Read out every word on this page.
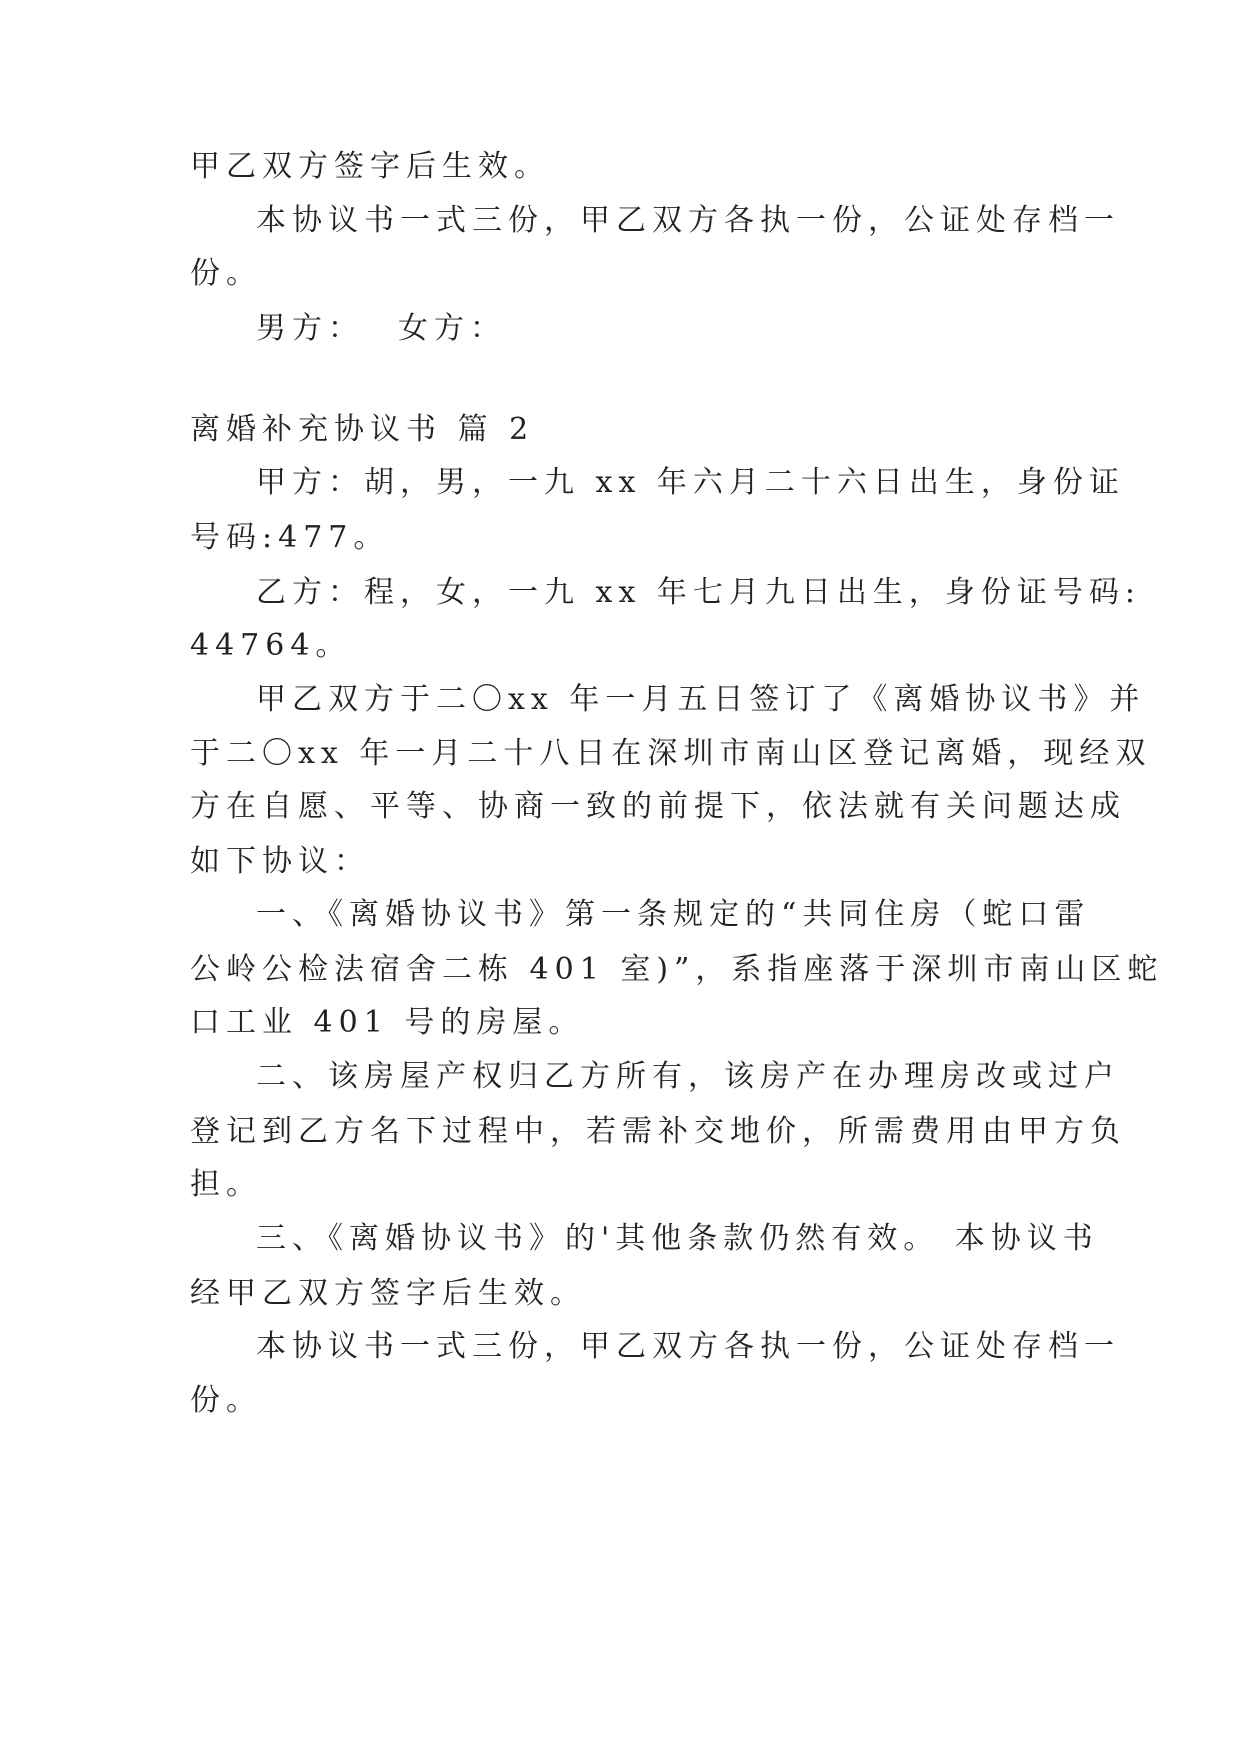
甲乙双方签字后生效。
本协议书一式三份，甲乙双方各执一份，公证处存档一
份。
男方： 女方：
离婚补充协议书 篇 2
甲方：胡，男，一九 xx 年六月二十六日出生，身份证
号码:477。
乙方：程，女，一九 xx 年七月九日出生，身份证号码:
44764。
甲乙双方于二〇xx 年一月五日签订了《离婚协议书》并
于二〇xx 年一月二十八日在深圳市南山区登记离婚，现经双
方在自愿、平等、协商一致的前提下，依法就有关问题达成
如下协议：
一、《离婚协议书》第一条规定的“共同住房（蛇口雷
公岭公检法宿舍二栋 401 室)”，系指座落于深圳市南山区蛇
口工业 401 号的房屋。
二、该房屋产权归乙方所有，该房产在办理房改或过户
登记到乙方名下过程中，若需补交地价，所需费用由甲方负
担。
三、《离婚协议书》的'其他条款仍然有效。 本协议书
经甲乙双方签字后生效。
本协议书一式三份，甲乙双方各执一份，公证处存档一
份。
